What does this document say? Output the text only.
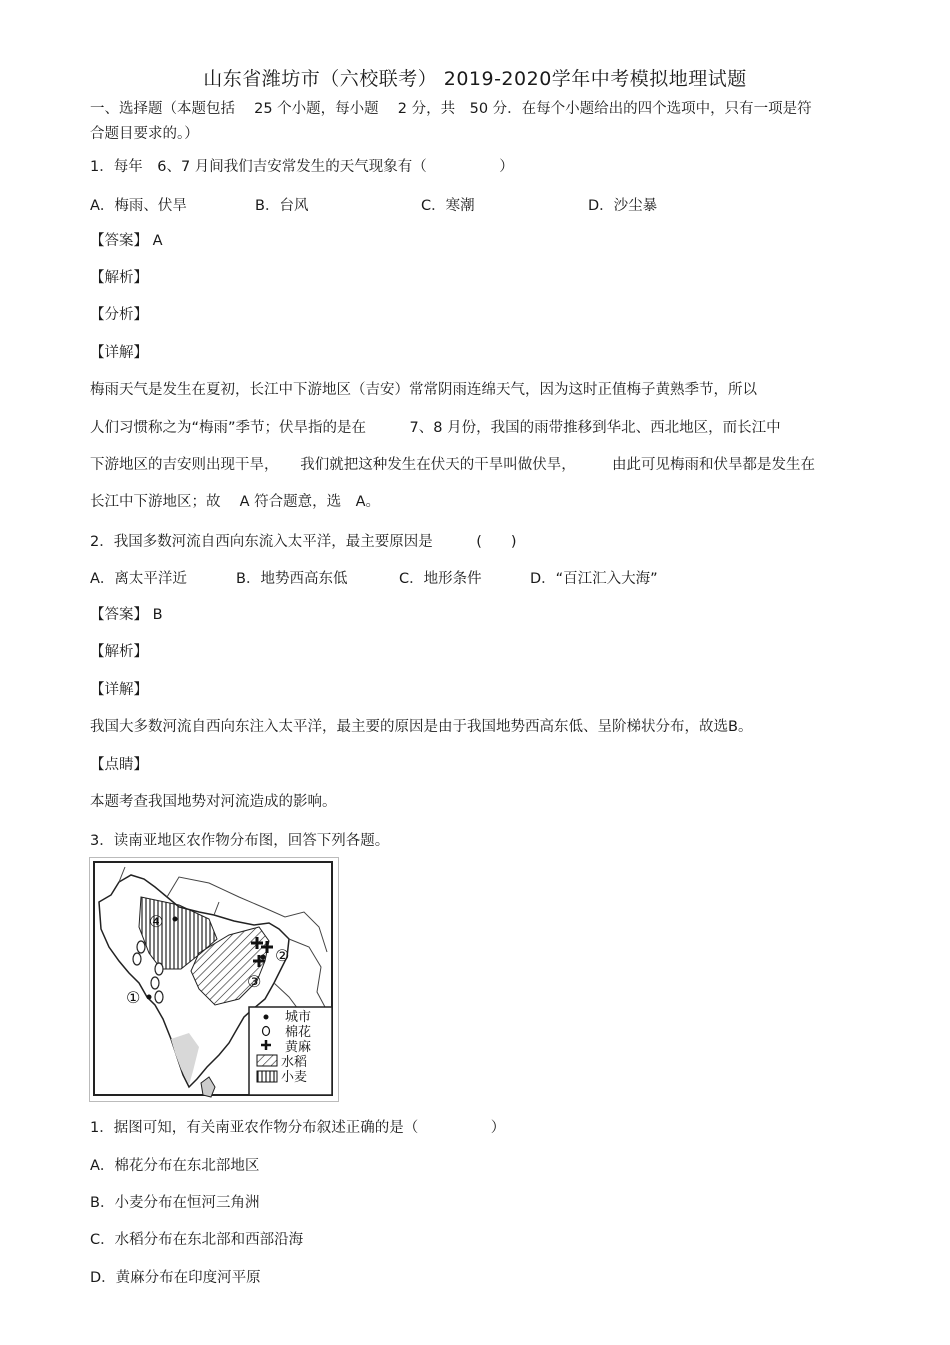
山东省潍坊市（六校联考） 2019-2020学年中考模拟地理试题
一、选择题（本题包括　 25 个小题，每小题　 2 分，共　50 分．在每个小题给出的四个选项中，只有一项是符
合题目要求的。）
1．每年　6、7 月间我们吉安常发生的天气现象有（　　　　　）
A．梅雨、伏旱	B．台风	C．寒潮	D．沙尘暴
【答案】 A
【解析】
【分析】
【详解】
梅雨天气是发生在夏初，长江中下游地区（吉安）常常阴雨连绵天气，因为这时正值梅子黄熟季节，所以
人们习惯称之为“梅雨”季节；伏旱指的是在　　　7、8 月份，我国的雨带推移到华北、西北地区，而长江中
下游地区的吉安则出现干旱，　　我们就把这种发生在伏天的干旱叫做伏旱，　　　由此可见梅雨和伏旱都是发生在
长江中下游地区；故　 A 符合题意，选　A。
2．我国多数河流自西向东流入太平洋，最主要原因是　　　(　　)
A．离太平洋近	B．地势西高东低	C．地形条件	D．“百江汇入大海”
【答案】 B
【解析】
【详解】
我国大多数河流自西向东注入太平洋，最主要的原因是由于我国地势西高东低、呈阶梯状分布，故选B。
【点睛】
本题考查我国地势对河流造成的影响。
3．读南亚地区农作物分布图，回答下列各题。
①
②
③
④
城市
棉花
黄麻
水稻
小麦
1．据图可知，有关南亚农作物分布叙述正确的是（　　　　　）
A．棉花分布在东北部地区
B．小麦分布在恒河三角洲
C．水稻分布在东北部和西部沿海
D．黄麻分布在印度河平原
